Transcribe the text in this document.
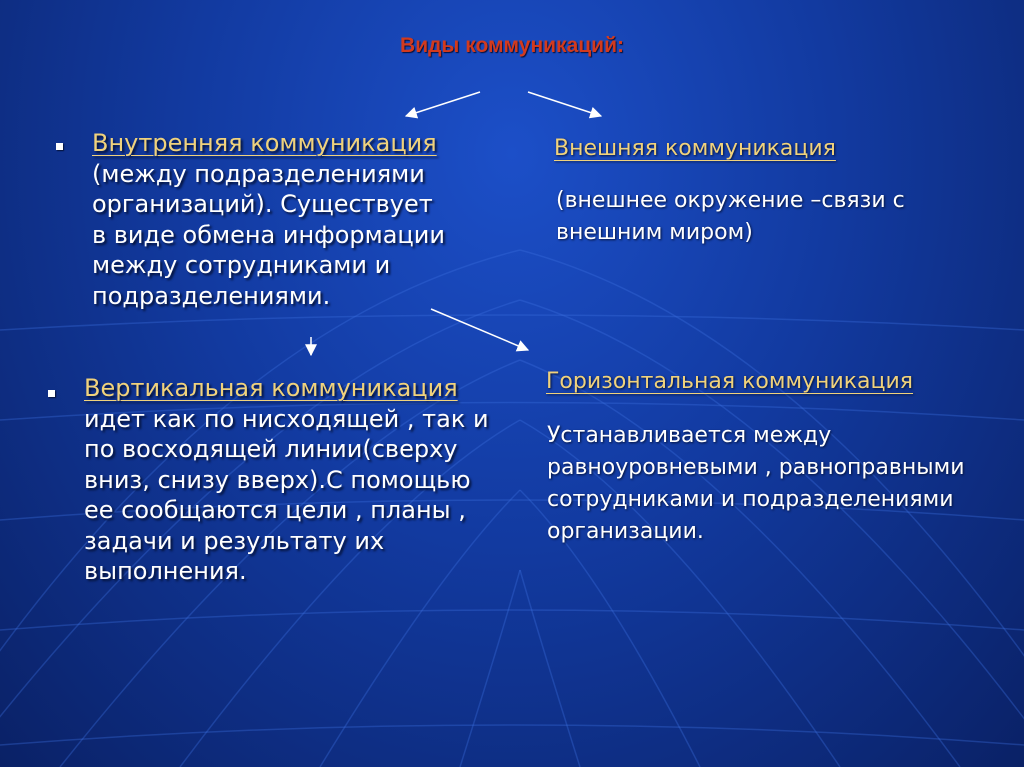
Виды коммуникаций:
Внутренняя коммуникация (между подразделениями организаций). Существует в виде обмена информации между сотрудниками и подразделениями.
Вертикальная коммуникация идет как по нисходящей , так и по восходящей линии(сверху вниз, снизу вверх).С помощью ее сообщаются цели , планы , задачи и результату их выполнения.
Внешняя коммуникация
(внешнее окружение –связи с внешним миром)
Горизонтальная коммуникация
Устанавливается между равноуровневыми , равноправными сотрудниками и подразделениями организации.
